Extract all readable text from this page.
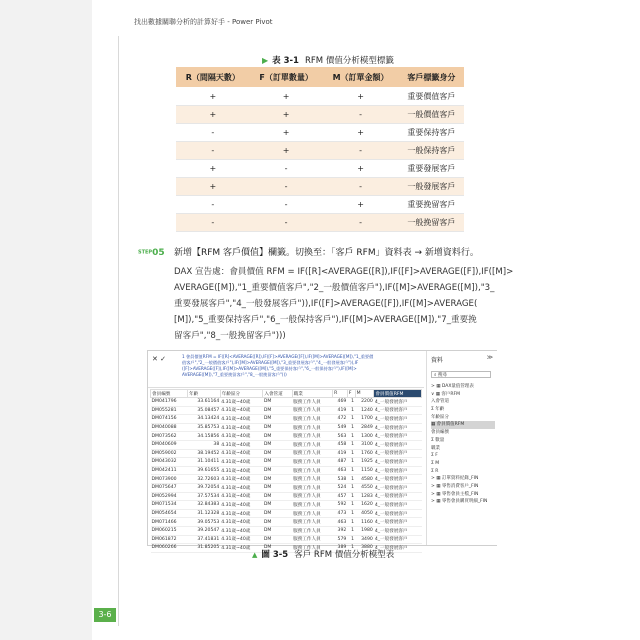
3-6
找出數據關聯分析的計算好手 - Power Pivot
▶ 表 3-1 RFM 價值分析模型標籤
R（間隔天數）	F（訂單數量）	M（訂單金額）	客戶標籤身分
+	+	+	重要價值客戶
+	+	-	一般價值客戶
-	+	+	重要保持客戶
-	+	-	一般保持客戶
+	-	+	重要發展客戶
+	-	-	一般發展客戶
-	-	+	重要挽留客戶
-	-	-	一般挽留客戶
STEP05 新增【RFM 客戶價值】欄籤。切換至：「客戶 RFM」資料表 → 新增資料行。
DAX 宣告處：會員價值 RFM = IF([R]<AVERAGE([R]),IF([F]>AVERAGE([F]),IF([M]>
AVERAGE([M]),"1_重要價值客戶","2_一般價值客戶"),IF([M]>AVERAGE([M]),"3_
重要發展客戶","4_一般發展客戶")),IF([F]>AVERAGE([F]),IF([M]>AVERAGE(
[M]),"5_重要保持客戶","6_一般保持客戶"),IF([M]>AVERAGE([M]),"7_重要挽
留客戶","8_一般挽留客戶")))
✕ ✓	1 會員價值RFM = IF([R]<AVERAGE([R]),IF([F]>AVERAGE([F]),IF([M]>AVERAGE([M]),"1_重要價
值客戶","2_一般價值客戶"),IF([M]>AVERAGE([M]),"3_重要發展客戶","4_一般發展客戶")),IF
([F]>AVERAGE([F]),IF([M]>AVERAGE([M]),"5_重要保持客戶","6_一般保持客戶"),IF([M]>
AVERAGE([M]),"7_重要挽留客戶","8_一般挽留客戶")))
會員編號	年齡	年齡區分	入會管道	職業	R	F	M	會員價值RFM
DM041796	33.61164	4.31歲~40歲	DM	服務工作人員	469	1	2200	4_一般發展客戶
DM055281	35.08457	4.31歲~40歲	DM	服務工作人員	419	1	1240	4_一般發展客戶
DM074156	34.13424	4.31歲~40歲	DM	服務工作人員	472	1	1700	4_一般發展客戶
DM040088	35.85753	4.31歲~40歲	DM	服務工作人員	549	1	2849	4_一般發展客戶
DM073562	34.15856	4.31歲~40歲	DM	服務工作人員	563	1	1300	4_一般發展客戶
DM040609	38	4.31歲~40歲	DM	服務工作人員	458	1	3100	4_一般發展客戶
DM059002	38.19452	4.31歲~40歲	DM	服務工作人員	419	1	1760	4_一般發展客戶
DM043032	31.10411	4.31歲~40歲	DM	服務工作人員	487	1	1925	4_一般發展客戶
DM042411	39.61655	4.31歲~40歲	DM	服務工作人員	463	1	1150	4_一般發展客戶
DM073900	32.72603	4.31歲~40歲	DM	服務工作人員	538	1	4580	4_一般發展客戶
DM075647	39.72054	4.31歲~40歲	DM	服務工作人員	524	1	4550	4_一般發展客戶
DM052994	37.57534	4.31歲~40歲	DM	服務工作人員	457	1	1283	4_一般發展客戶
DM071534	32.84383	4.31歲~40歲	DM	服務工作人員	592	1	1620	4_一般發展客戶
DM054654	31.12328	4.31歲~40歲	DM	服務工作人員	473	1	4050	4_一般發展客戶
DM071466	39.05753	4.31歲~40歲	DM	服務工作人員	463	1	1160	4_一般發展客戶
DM060215	39.20547	4.31歲~40歲	DM	服務工作人員	392	1	1980	4_一般發展客戶
DM061872	37.41831	4.31歲~40歲	DM	服務工作人員	579	1	3490	4_一般發展客戶
DM060266	31.85205	4.31歲~40歲	DM	服務工作人員	389	1	3880	4_一般發展客戶
資料	≫
⌕ 搜尋
> ▦ DAX量值管理表
∨ ▦ 客戶RFM
入會管道
Σ 年齡
年齡區分
▦ 會員價值RFM
會員編號
Σ 數量
職業
Σ F
Σ M
Σ R
> ▦ 訂單資料紀錄_FIN
> ▦ 零售消費客戶_FIN
> ▦ 零售會員主檔_FIN
> ▦ 零售會員購買明細_FIN
▲ 圖 3-5 客戶 RFM 價值分析模型表
